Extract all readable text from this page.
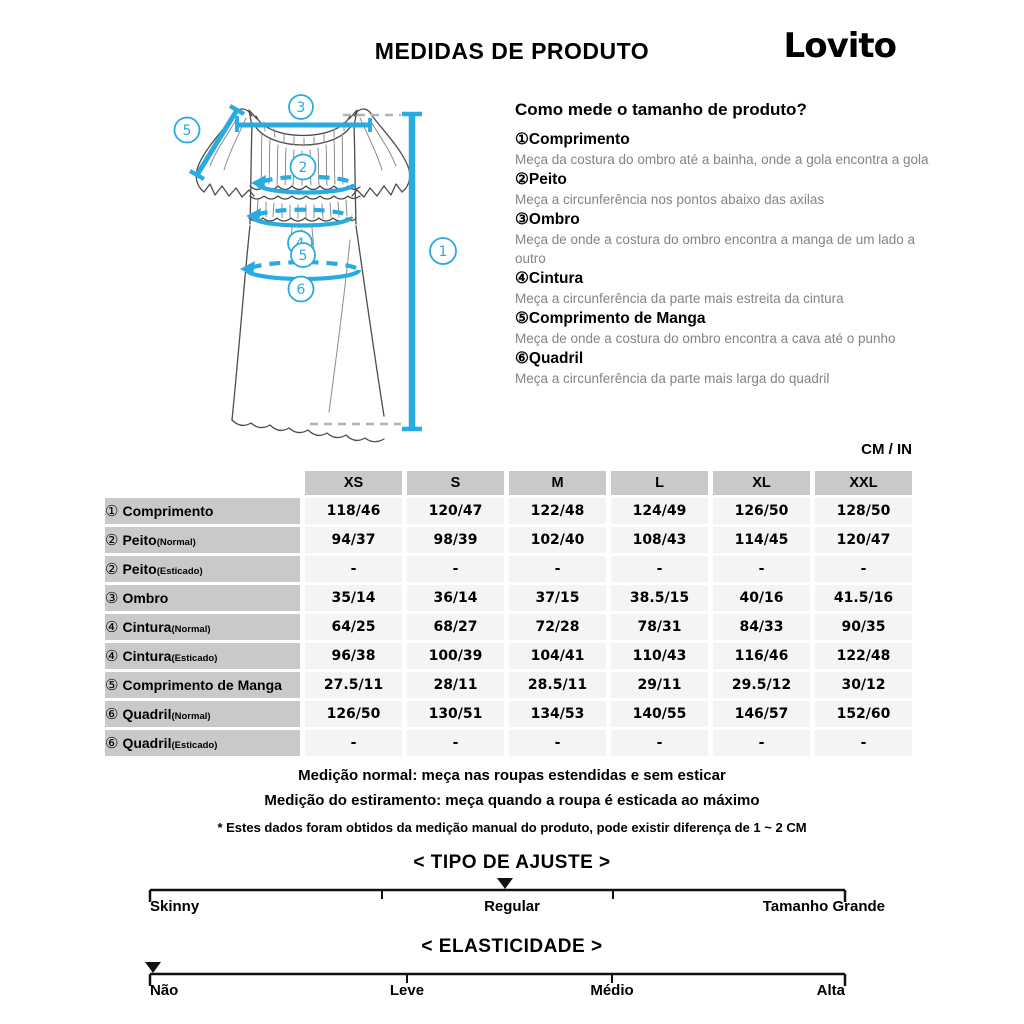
MEDIDAS DE PRODUTO	Lovito
3
5
2
5
6
1
Como mede o tamanho de produto?
①Comprimento

Meça da costura do ombro até a bainha, onde a gola encontra a gola

②Peito

Meça a circunferência nos pontos abaixo das axilas

③Ombro

Meça de onde a costura do ombro encontra a manga de um lado a outro

④Cintura

Meça a circunferência da parte mais estreita da cintura

⑤Comprimento de Manga

Meça de onde a costura do ombro encontra a cava até o punho

⑥Quadril

Meça a circunferência da parte mais larga do quadril

CM / IN
	XS	S	M	L	XL	XXL
① Comprimento	118/46	120/47	122/48	124/49	126/50	128/50
② Peito(Normal)	94/37	98/39	102/40	108/43	114/45	120/47
② Peito(Esticado)	-	-	-	-	-	-
③ Ombro	35/14	36/14	37/15	38.5/15	40/16	41.5/16
④ Cintura(Normal)	64/25	68/27	72/28	78/31	84/33	90/35
④ Cintura(Esticado)	96/38	100/39	104/41	110/43	116/46	122/48
⑤ Comprimento de Manga	27.5/11	28/11	28.5/11	29/11	29.5/12	30/12
⑥ Quadril(Normal)	126/50	130/51	134/53	140/55	146/57	152/60
⑥ Quadril(Esticado)	-	-	-	-	-	-

Medição normal: meça nas roupas estendidas e sem esticar

Medição do estiramento: meça quando a roupa é esticada ao máximo

* Estes dados foram obtidos da medição manual do produto, pode existir diferença de 1 ~ 2 CM

< TIPO DE AJUSTE >
Skinny	Regular	Tamanho Grande
< ELASTICIDADE >
Não	Leve	Médio	Alta
